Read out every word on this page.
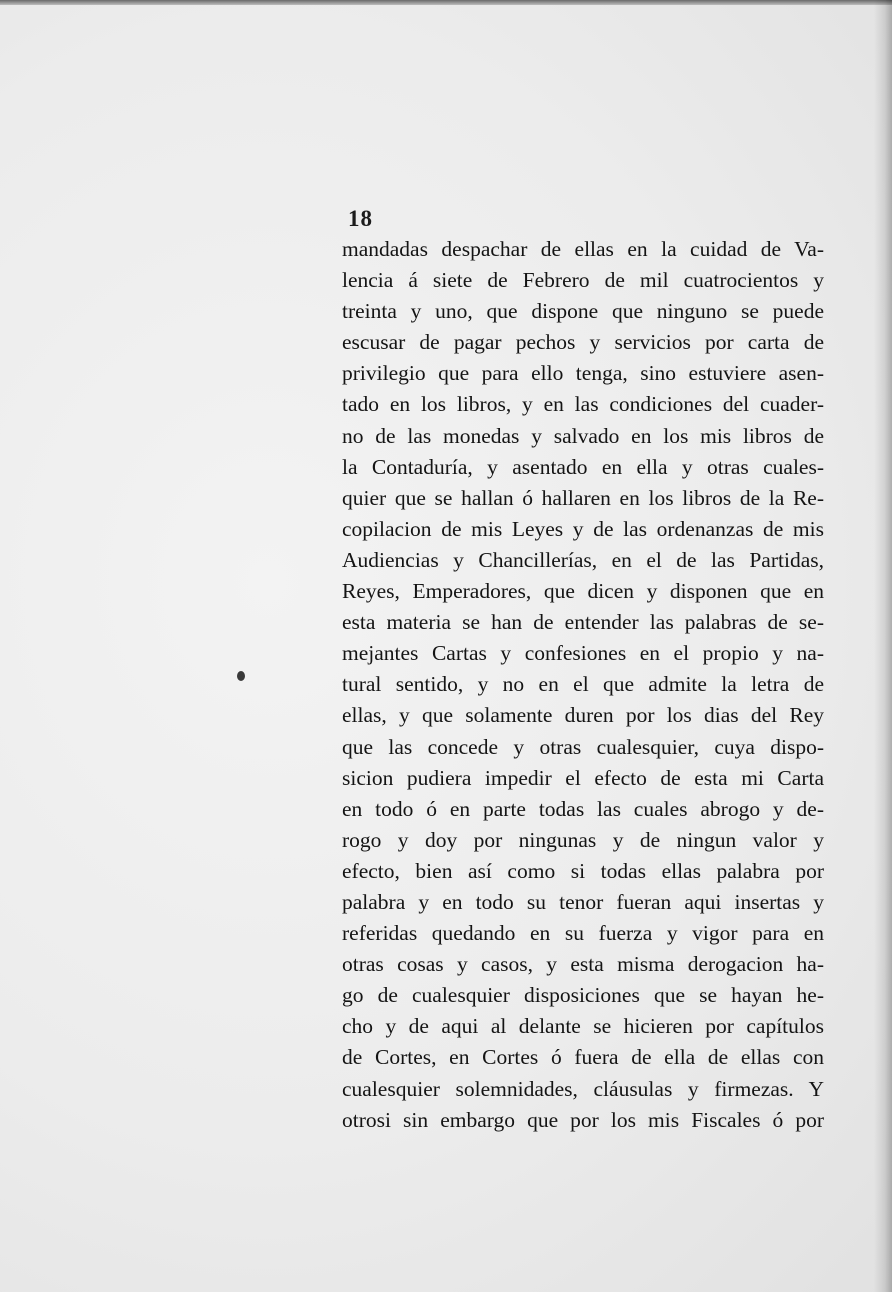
18
mandadas despachar de ellas en la cuidad de Va-
lencia á siete de Febrero de mil cuatrocientos y
treinta y uno, que dispone que ninguno se puede
escusar de pagar pechos y servicios por carta de
privilegio que para ello tenga, sino estuviere asen-
tado en los libros, y en las condiciones del cuader-
no de las monedas y salvado en los mis libros de
la Contaduría, y asentado en ella y otras cuales-
quier que se hallan ó hallaren en los libros de la Re-
copilacion de mis Leyes y de las ordenanzas de mis
Audiencias y Chancillerías, en el de las Partidas,
Reyes, Emperadores, que dicen y disponen que en
esta materia se han de entender las palabras de se-
mejantes Cartas y confesiones en el propio y na-
tural sentido, y no en el que admite la letra de
ellas, y que solamente duren por los dias del Rey
que las concede y otras cualesquier, cuya dispo-
sicion pudiera impedir el efecto de esta mi Carta
en todo ó en parte todas las cuales abrogo y de-
rogo y doy por ningunas y de ningun valor y
efecto, bien así como si todas ellas palabra por
palabra y en todo su tenor fueran aqui insertas y
referidas quedando en su fuerza y vigor para en
otras cosas y casos, y esta misma derogacion ha-
go de cualesquier disposiciones que se hayan he-
cho y de aqui al delante se hicieren por capítulos
de Cortes, en Cortes ó fuera de ella de ellas con
cualesquier solemnidades, cláusulas y firmezas. Y
otrosi sin embargo que por los mis Fiscales ó por
